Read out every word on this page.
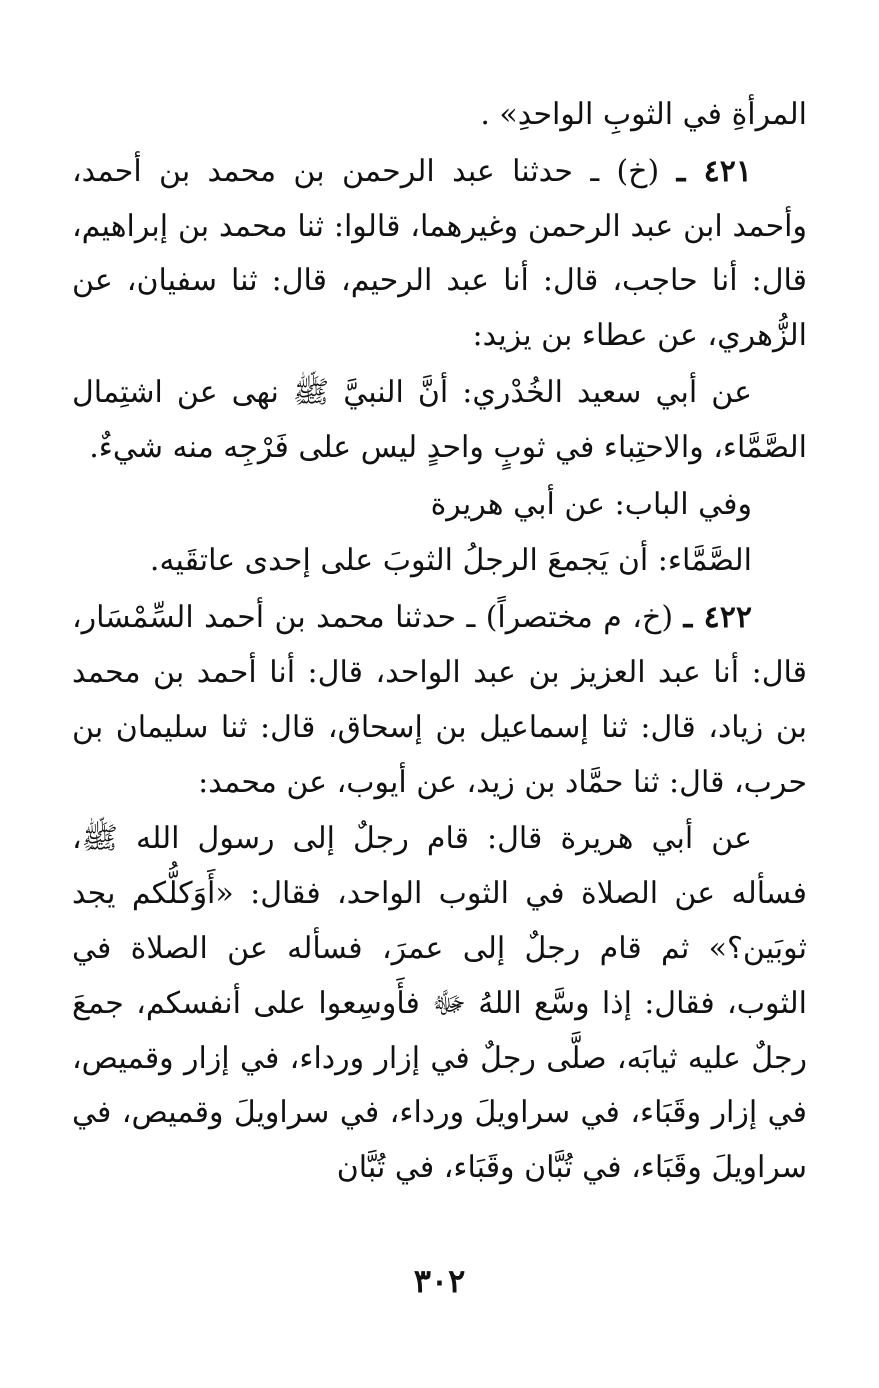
المرأةِ في الثوبِ الواحدِ» .

٤٢١ ـ (خ) ـ حدثنا عبد الرحمن بن محمد بن أحمد، وأحمد ابن عبد الرحمن وغيرهما، قالوا: ثنا محمد بن إبراهيم، قال: أنا حاجب، قال: أنا عبد الرحيم، قال: ثنا سفيان، عن الزُّهري، عن عطاء بن يزيد:

عن أبي سعيد الخُدْري: أنَّ النبيَّ ﷺ نهى عن اشتِمال الصَّمَّاء، والاحتِباء في ثوبٍ واحدٍ ليس على فَرْجِه منه شيءٌ.

وفي الباب: عن أبي هريرة

الصَّمَّاء: أن يَجمعَ الرجلُ الثوبَ على إحدى عاتقَيه.

٤٢٢ ـ (خ، م مختصراً) ـ حدثنا محمد بن أحمد السِّمْسَار، قال: أنا عبد العزيز بن عبد الواحد، قال: أنا أحمد بن محمد بن زياد، قال: ثنا إسماعيل بن إسحاق، قال: ثنا سليمان بن حرب، قال: ثنا حمَّاد بن زيد، عن أيوب، عن محمد:

عن أبي هريرة قال: قام رجلٌ إلى رسول الله ﷺ، فسأله عن الصلاة في الثوب الواحد، فقال: «أَوَكلُّكم يجد ثوبَين؟» ثم قام رجلٌ إلى عمرَ، فسأله عن الصلاة في الثوب، فقال: إذا وسَّع اللهُ ﷻ فأَوسِعوا على أنفسكم، جمعَ رجلٌ عليه ثيابَه، صلَّى رجلٌ في إزار ورداء، في إزار وقميص، في إزار وقَبَاء، في سراويلَ ورداء، في سراويلَ وقميص، في سراويلَ وقَبَاء، في تُبَّان وقَبَاء، في تُبَّان

٣٠٢
